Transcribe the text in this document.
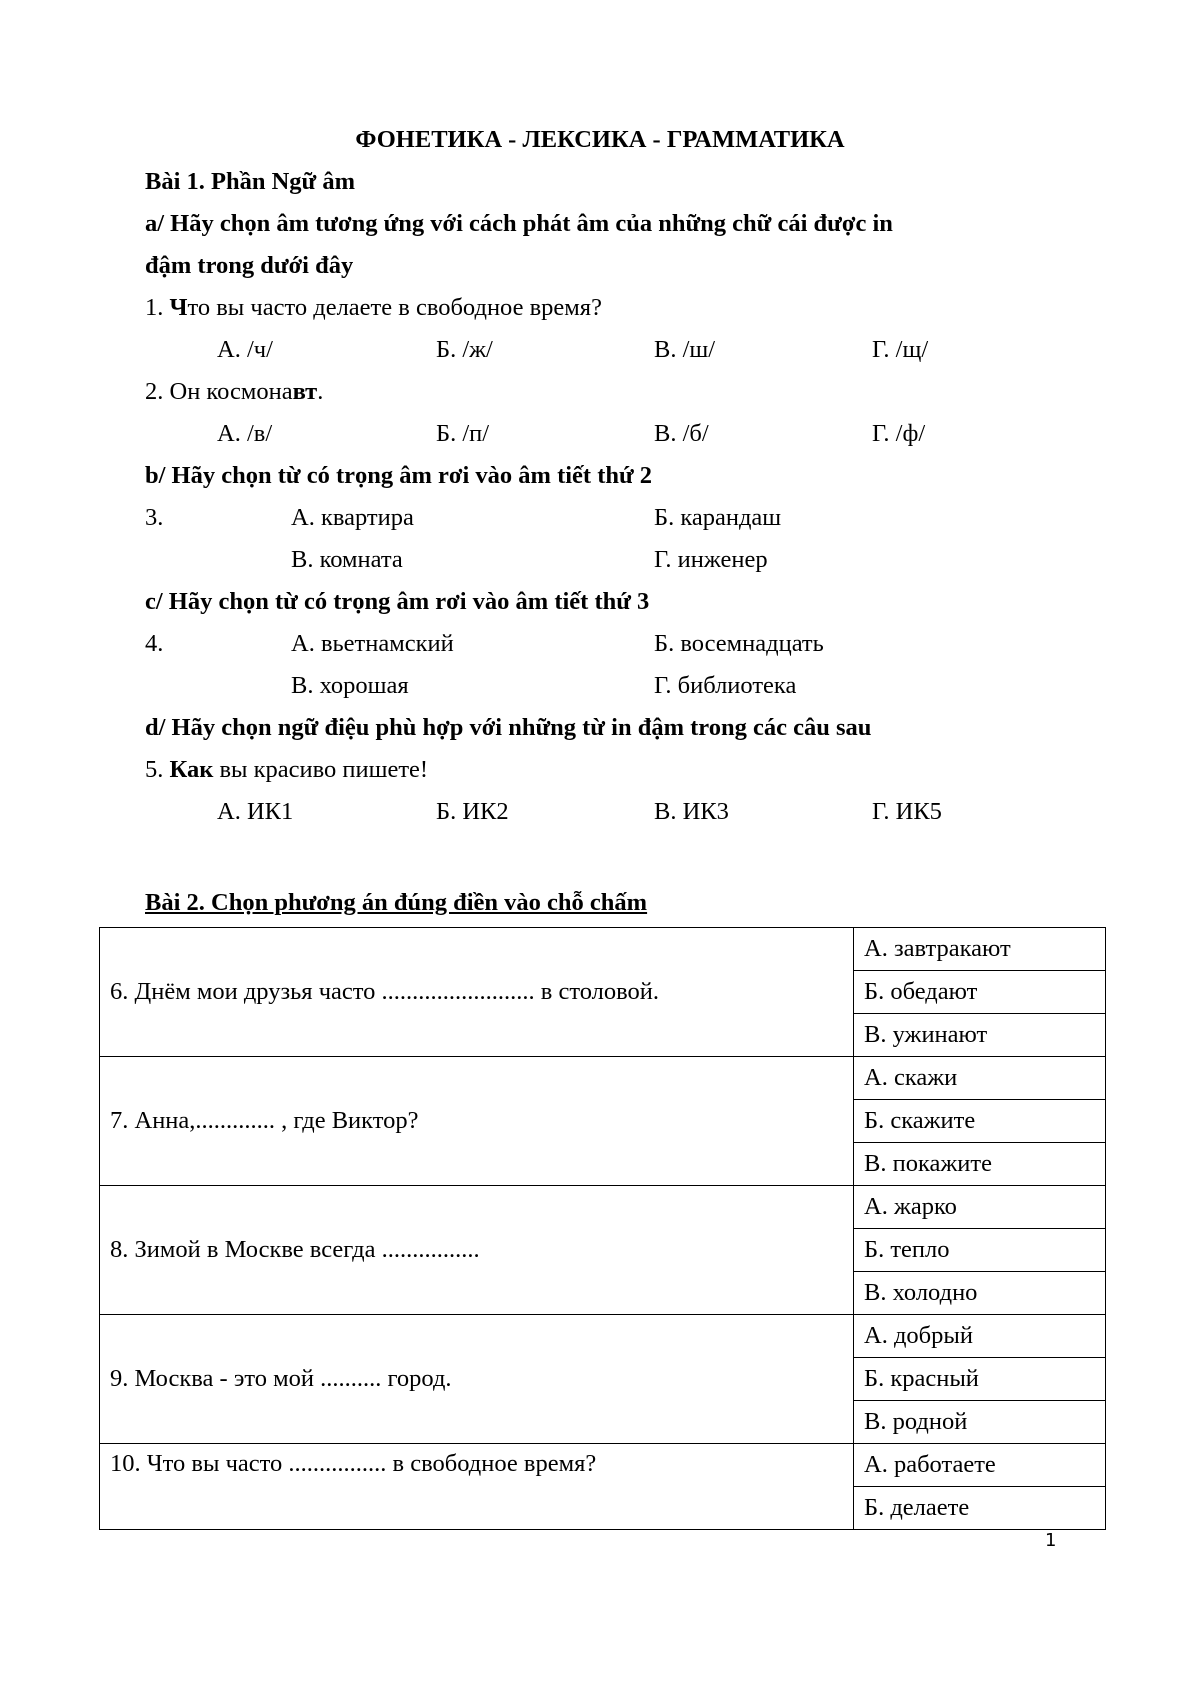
ФОНЕТИКА - ЛЕКСИКА - ГРАММАТИКА
Bài 1. Phần Ngữ âm
a/ Hãy chọn âm tương ứng với cách phát âm của những chữ cái được in
đậm trong dưới đây
1. Что вы часто делаете в свободное время?
А. /ч/	Б. /ж/	В. /ш/	Г. /щ/
2. Он космонавт.
А. /в/	Б. /п/	В. /б/	Г. /ф/
b/ Hãy chọn từ có trọng âm rơi vào âm tiết thứ 2
3.	А. квартира	Б. карандаш
В. комната	Г. инженер
c/ Hãy chọn từ có trọng âm rơi vào âm tiết thứ 3
4.	А. вьетнамский	Б. восемнадцать
В. хорошая	Г. библиотека
d/ Hãy chọn ngữ điệu phù hợp với những từ in đậm trong các câu sau
5. Как вы красиво пишете!
А. ИК1	Б. ИК2	В. ИК3	Г. ИК5
Bài 2. Chọn phương án đúng điền vào chỗ chấm
6. Днём мои друзья часто ......................... в столовой.	А. завтракают
	Б. обедают
	В. ужинают
7. Анна,............. , где Виктор?	А. скажи
	Б. скажите
	В. покажите
8. Зимой в Москве всегда ................	А. жарко
	Б. тепло
	В. холодно
9. Москва - это мой .......... город.	А. добрый
	Б. красный
	В. родной
10. Что вы часто ................ в свободное время?	А. работаете
	Б. делаете
1
